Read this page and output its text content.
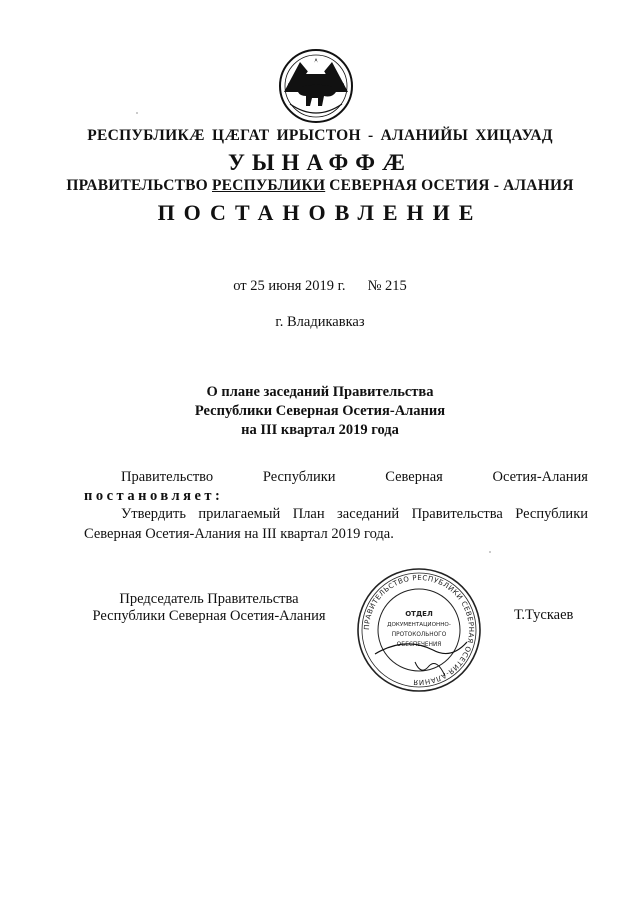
РЕСПУБЛИКӔ ЦӔГАТ ИРЫСТОН - АЛАНИЙЫ ХИЦАУАД
УЫНАФФӔ
ПРАВИТЕЛЬСТВО РЕСПУБЛИКИ СЕВЕРНАЯ ОСЕТИЯ - АЛАНИЯ
ПОСТАНОВЛЕНИЕ
от 25 июня 2019 г. № 215
г. Владикавказ
О плане заседаний Правительства
Республики Северная Осетия-Алания
на III квартал 2019 года
Правительство	Республики	Северная	Осетия-Алания
постановляет:
Утвердить прилагаемый План заседаний Правительства Республики Северная Осетия-Алания на III квартал 2019 года.
Председатель Правительства
Республики Северная Осетия-Алания
ПРАВИТЕЛЬСТВО РЕСПУБЛИКИ СЕВЕРНАЯ ОСЕТИЯ-АЛАНИЯ
ОТДЕЛ
ДОКУМЕНТАЦИОННО-
ПРОТОКОЛЬНОГО
ОБЕСПЕЧЕНИЯ
Т.Тускаев
